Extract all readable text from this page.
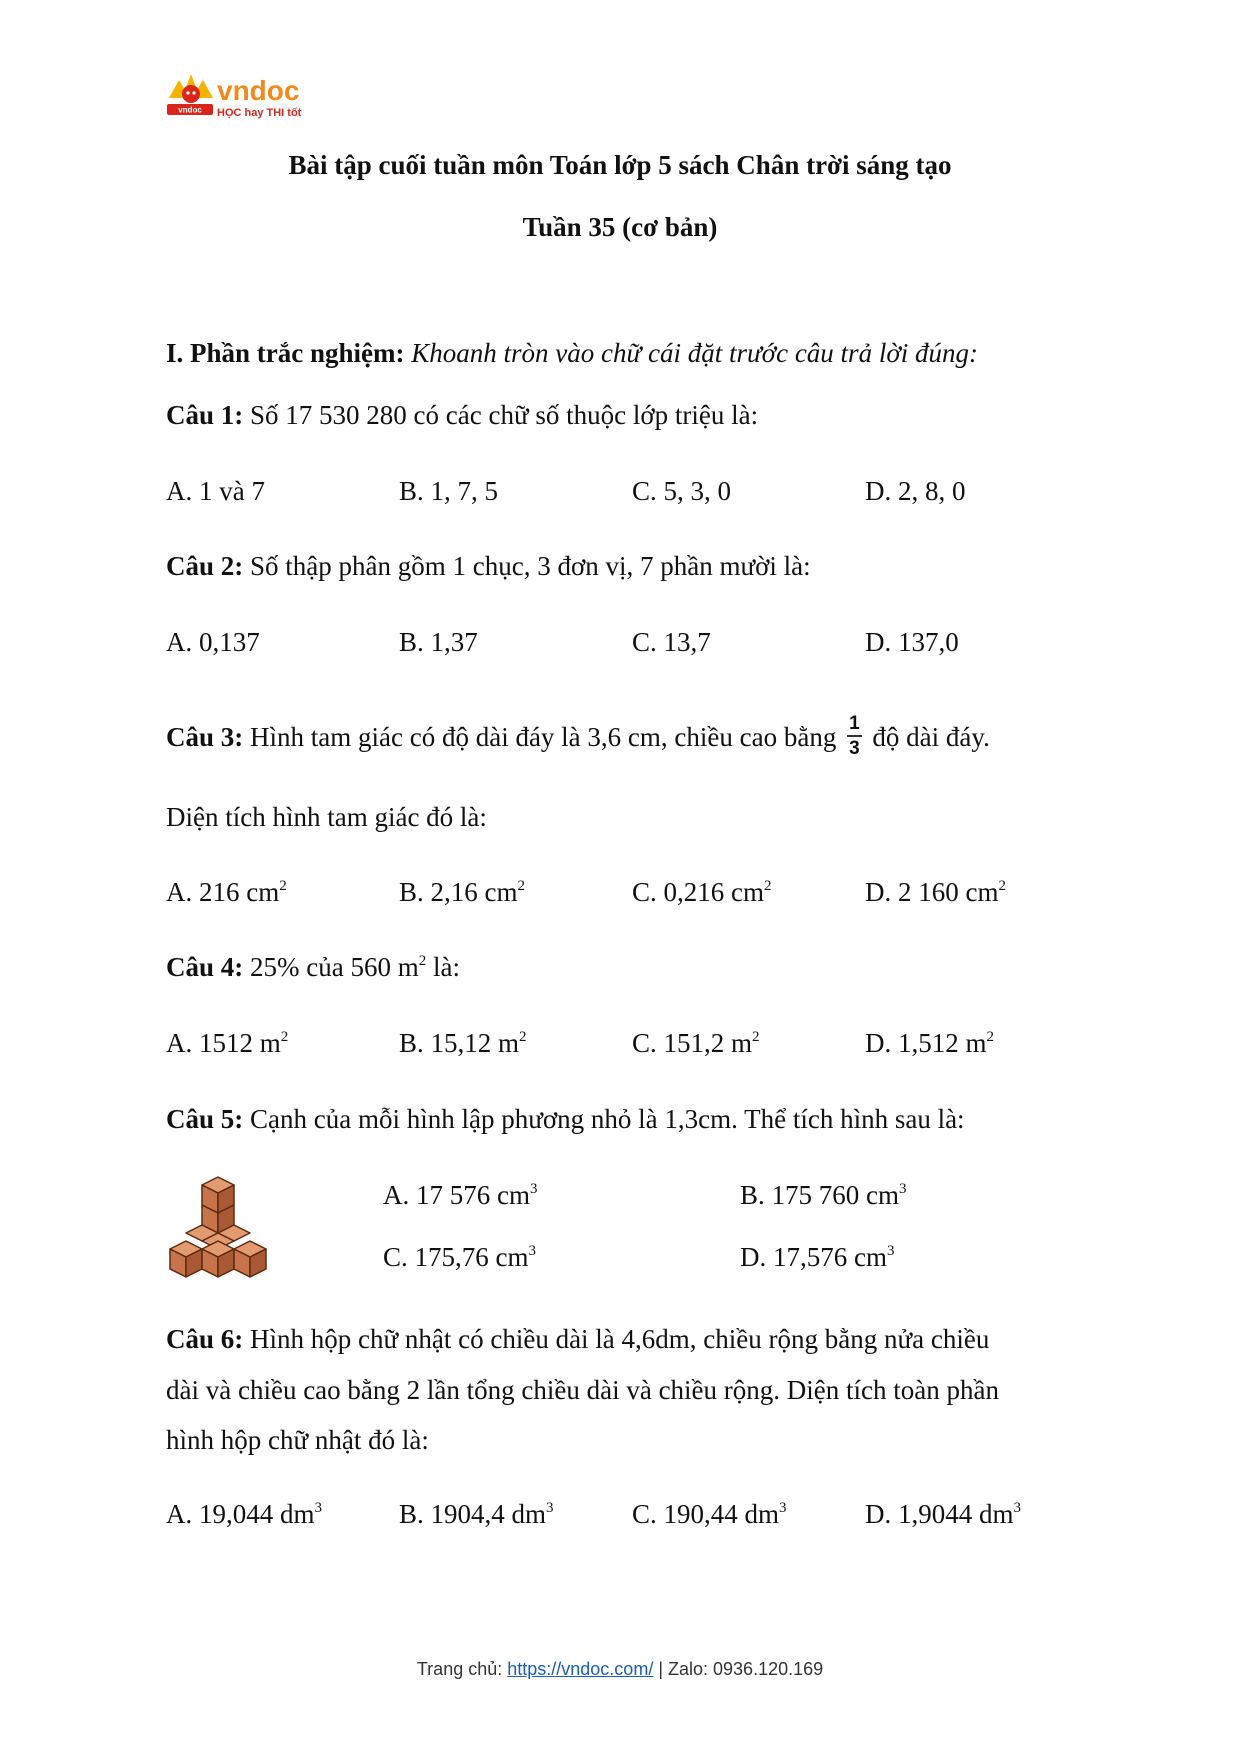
vndoc
vndoc
HỌC hay THI tốt
Bài tập cuối tuần môn Toán lớp 5 sách Chân trời sáng tạo
Tuần 35 (cơ bản)
I. Phần trắc nghiệm: Khoanh tròn vào chữ cái đặt trước câu trả lời đúng:
Câu 1: Số 17 530 280 có các chữ số thuộc lớp triệu là:
A. 1 và 7	B. 1, 7, 5	C. 5, 3, 0	D. 2, 8, 0
Câu 2: Số thập phân gồm 1 chục, 3 đơn vị, 7 phần mười là:
A. 0,137	B. 1,37	C. 13,7	D. 137,0
Câu 3: Hình tam giác có độ dài đáy là 3,6 cm, chiều cao bằng $\frac{1}{3}$ độ dài đáy.
Diện tích hình tam giác đó là:
A. 216 $cm^2$	B. 2,16 $cm^2$	C. 0,216 $cm^2$	D. 2 160 $cm^2$
Câu 4: 25% của 560 $m^2$ là:
A. 1512 $m^2$	B. 15,12 $m^2$	C. 151,2 $m^2$	D. 1,512 $m^2$
Câu 5: Cạnh của mỗi hình lập phương nhỏ là 1,3cm. Thể tích hình sau là:
A. 17 576 $cm^3$	B. 175 760 $cm^3$
C. 175,76 $cm^3$	D. 17,576 $cm^3$
Câu 6: Hình hộp chữ nhật có chiều dài là 4,6dm, chiều rộng bằng nửa chiều
dài và chiều cao bằng 2 lần tổng chiều dài và chiều rộng. Diện tích toàn phần
hình hộp chữ nhật đó là:
A. 19,044 $dm^3$	B. 1904,4 $dm^3$	C. 190,44 $dm^3$	D. 1,9044 $dm^3$
Trang chủ: https://vndoc.com/ | Zalo: 0936.120.169
